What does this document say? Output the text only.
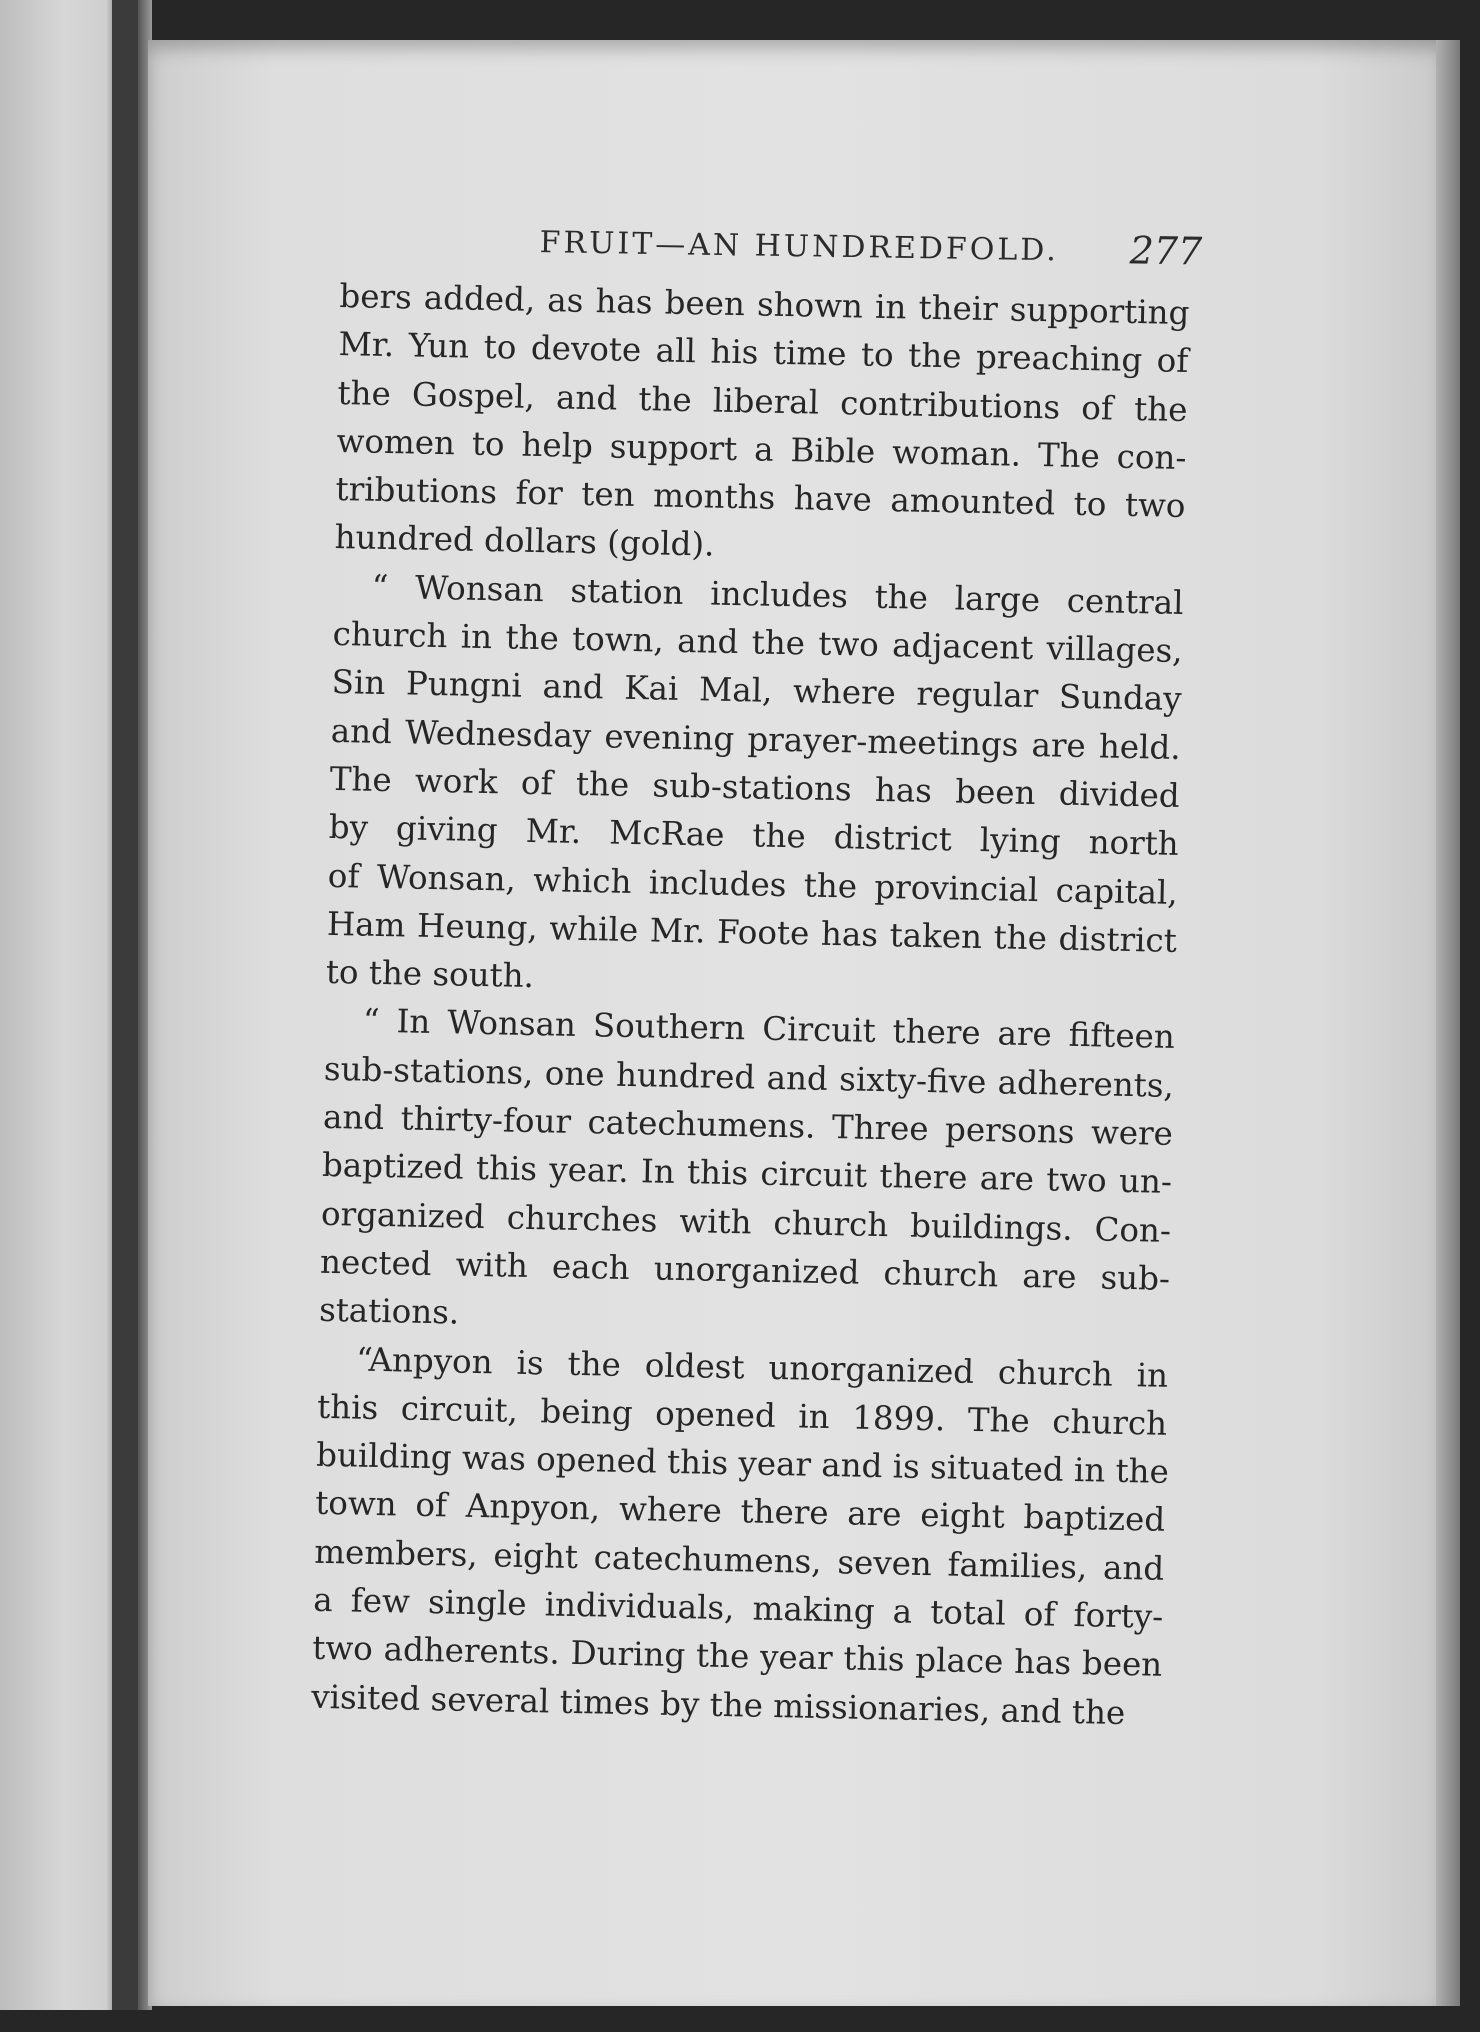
FRUIT—AN HUNDREDFOLD. 277

bers added, as has been shown in their supporting
Mr. Yun to devote all his time to the preaching of
the Gospel, and the liberal contributions of the
women to help support a Bible woman. The con-
tributions for ten months have amounted to two
hundred dollars (gold).

“ Wonsan station includes the large central
church in the town, and the two adjacent villages,
Sin Pungni and Kai Mal, where regular Sunday
and Wednesday evening prayer-meetings are held.
The work of the sub-stations has been divided
by giving Mr. McRae the district lying north
of Wonsan, which includes the provincial capital,
Ham Heung, while Mr. Foote has taken the district
to the south.

“ In Wonsan Southern Circuit there are fifteen
sub-stations, one hundred and sixty-five adherents,
and thirty-four catechumens. Three persons were
baptized this year. In this circuit there are two un-
organized churches with church buildings. Con-
nected with each unorganized church are sub-
stations.

“Anpyon is the oldest unorganized church in
this circuit, being opened in 1899. The church
building was opened this year and is situated in the
town of Anpyon, where there are eight baptized
members, eight catechumens, seven families, and
a few single individuals, making a total of forty-
two adherents. During the year this place has been
visited several times by the missionaries, and the
